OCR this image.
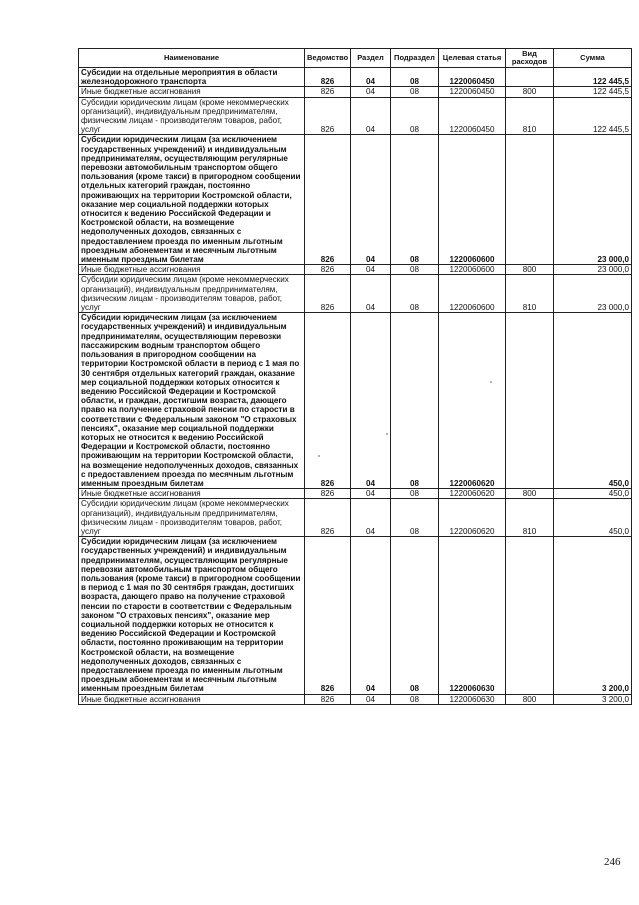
Наименование	Ведомство	Раздел	Подраздел	Целевая статья	Вид расходов	Сумма
Субсидии на отдельные мероприятия в области железнодорожного транспорта	826	04	08	1220060450		122 445,5
Иные бюджетные ассигнования	826	04	08	1220060450	800	122 445,5
Субсидии юридическим лицам (кроме некоммерческих организаций), индивидуальным предпринимателям, физическим лицам - производителям товаров, работ, услуг	826	04	08	1220060450	810	122 445,5
Субсидии юридическим лицам (за исключением государственных учреждений) и индивидуальным предпринимателям, осуществляющим регулярные перевозки автомобильным транспортом общего пользования (кроме такси) в пригородном сообщении отдельных категорий граждан, постоянно проживающих на территории Костромской области, оказание мер социальной поддержки которых относится к ведению Российской Федерации и Костромской области, на возмещение недополученных доходов, связанных с предоставлением проезда по именным льготным проездным абонементам и месячным льготным именным проездным билетам	826	04	08	1220060600		23 000,0
Иные бюджетные ассигнования	826	04	08	1220060600	800	23 000,0
Субсидии юридическим лицам (кроме некоммерческих организаций), индивидуальным предпринимателям, физическим лицам - производителям товаров, работ, услуг	826	04	08	1220060600	810	23 000,0
Субсидии юридическим лицам (за исключением государственных учреждений) и индивидуальным предпринимателям, осуществляющим перевозки пассажирским водным транспортом общего пользования в пригородном сообщении на территории Костромской области в период с 1 мая по 30 сентября отдельных категорий граждан, оказание мер социальной поддержки которых относится к ведению Российской Федерации и Костромской области, и граждан, достигшим возраста, дающего право на получение страховой пенсии по старости в соответствии с Федеральным законом "О страховых пенсиях", оказание мер социальной поддержки которых не относится к ведению Российской Федерации и Костромской области, постоянно проживающим на территории Костромской области, на возмещение недополученных доходов, связанных с предоставлением проезда по месячным льготным именным проездным билетам	826	04	08	1220060620		450,0
Иные бюджетные ассигнования	826	04	08	1220060620	800	450,0
Субсидии юридическим лицам (кроме некоммерческих организаций), индивидуальным предпринимателям, физическим лицам - производителям товаров, работ, услуг	826	04	08	1220060620	810	450,0
Субсидии юридическим лицам (за исключением государственных учреждений) и индивидуальным предпринимателям, осуществляющим регулярные перевозки автомобильным транспортом общего пользования (кроме такси) в пригородном сообщении в период с 1 мая по 30 сентября граждан, достигших возраста, дающего право на получение страховой пенсии по старости в соответствии с Федеральным законом "О страховых пенсиях", оказание мер социальной поддержки которых не относится к ведению Российской Федерации и Костромской области, постоянно проживающим на территории Костромской области, на возмещение недополученных доходов, связанных с предоставлением проезда по именным льготным проездным абонементам и месячным льготным именным проездным билетам	826	04	08	1220060630		3 200,0
Иные бюджетные ассигнования	826	04	08	1220060630	800	3 200,0
246
